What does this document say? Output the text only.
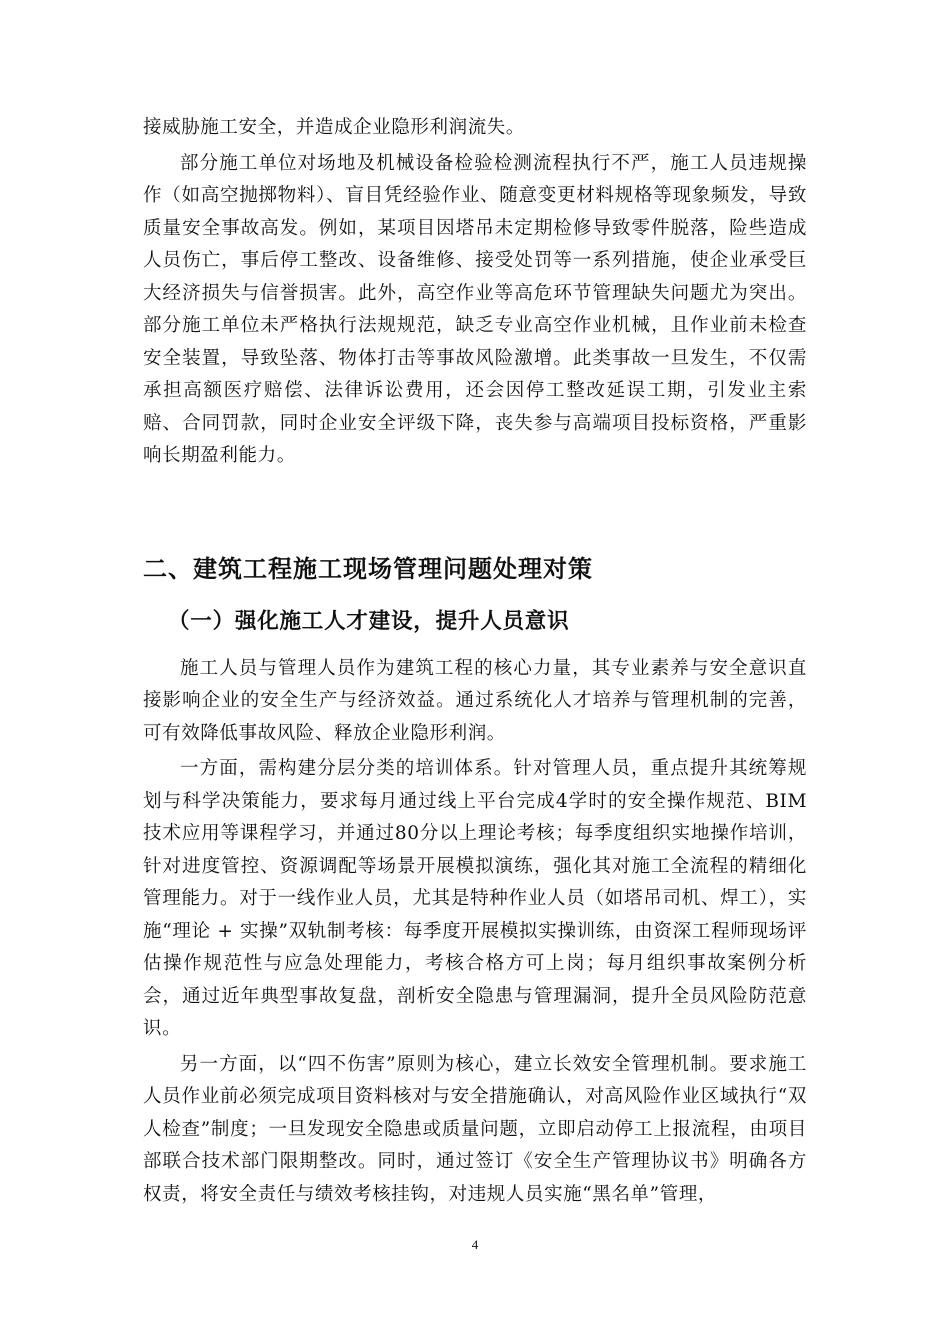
接威胁施工安全，并造成企业隐形利润流失。

部分施工单位对场地及机械设备检验检测流程执行不严，施工人员违规操作（如高空抛掷物料）、盲目凭经验作业、随意变更材料规格等现象频发，导致质量安全事故高发。例如，某项目因塔吊未定期检修导致零件脱落，险些造成人员伤亡，事后停工整改、设备维修、接受处罚等一系列措施，使企业承受巨大经济损失与信誉损害。此外，高空作业等高危环节管理缺失问题尤为突出。部分施工单位未严格执行法规规范，缺乏专业高空作业机械，且作业前未检查安全装置，导致坠落、物体打击等事故风险激增。此类事故一旦发生，不仅需承担高额医疗赔偿、法律诉讼费用，还会因停工整改延误工期，引发业主索赔、合同罚款，同时企业安全评级下降，丧失参与高端项目投标资格，严重影响长期盈利能力。

二、建筑工程施工现场管理问题处理对策
（一）强化施工人才建设，提升人员意识

施工人员与管理人员作为建筑工程的核心力量，其专业素养与安全意识直接影响企业的安全生产与经济效益。通过系统化人才培养与管理机制的完善，可有效降低事故风险、释放企业隐形利润。

一方面，需构建分层分类的培训体系。针对管理人员，重点提升其统筹规划与科学决策能力，要求每月通过线上平台完成4学时的安全操作规范、BIM技术应用等课程学习，并通过80分以上理论考核；每季度组织实地操作培训，针对进度管控、资源调配等场景开展模拟演练，强化其对施工全流程的精细化管理能力。对于一线作业人员，尤其是特种作业人员（如塔吊司机、焊工），实施“理论 + 实操”双轨制考核：每季度开展模拟实操训练，由资深工程师现场评估操作规范性与应急处理能力，考核合格方可上岗；每月组织事故案例分析会，通过近年典型事故复盘，剖析安全隐患与管理漏洞，提升全员风险防范意识。

另一方面，以“四不伤害”原则为核心，建立长效安全管理机制。要求施工人员作业前必须完成项目资料核对与安全措施确认，对高风险作业区域执行“双人检查”制度；一旦发现安全隐患或质量问题，立即启动停工上报流程，由项目部联合技术部门限期整改。同时，通过签订《安全生产管理协议书》明确各方权责，将安全责任与绩效考核挂钩，对违规人员实施“黑名单”管理，

4
